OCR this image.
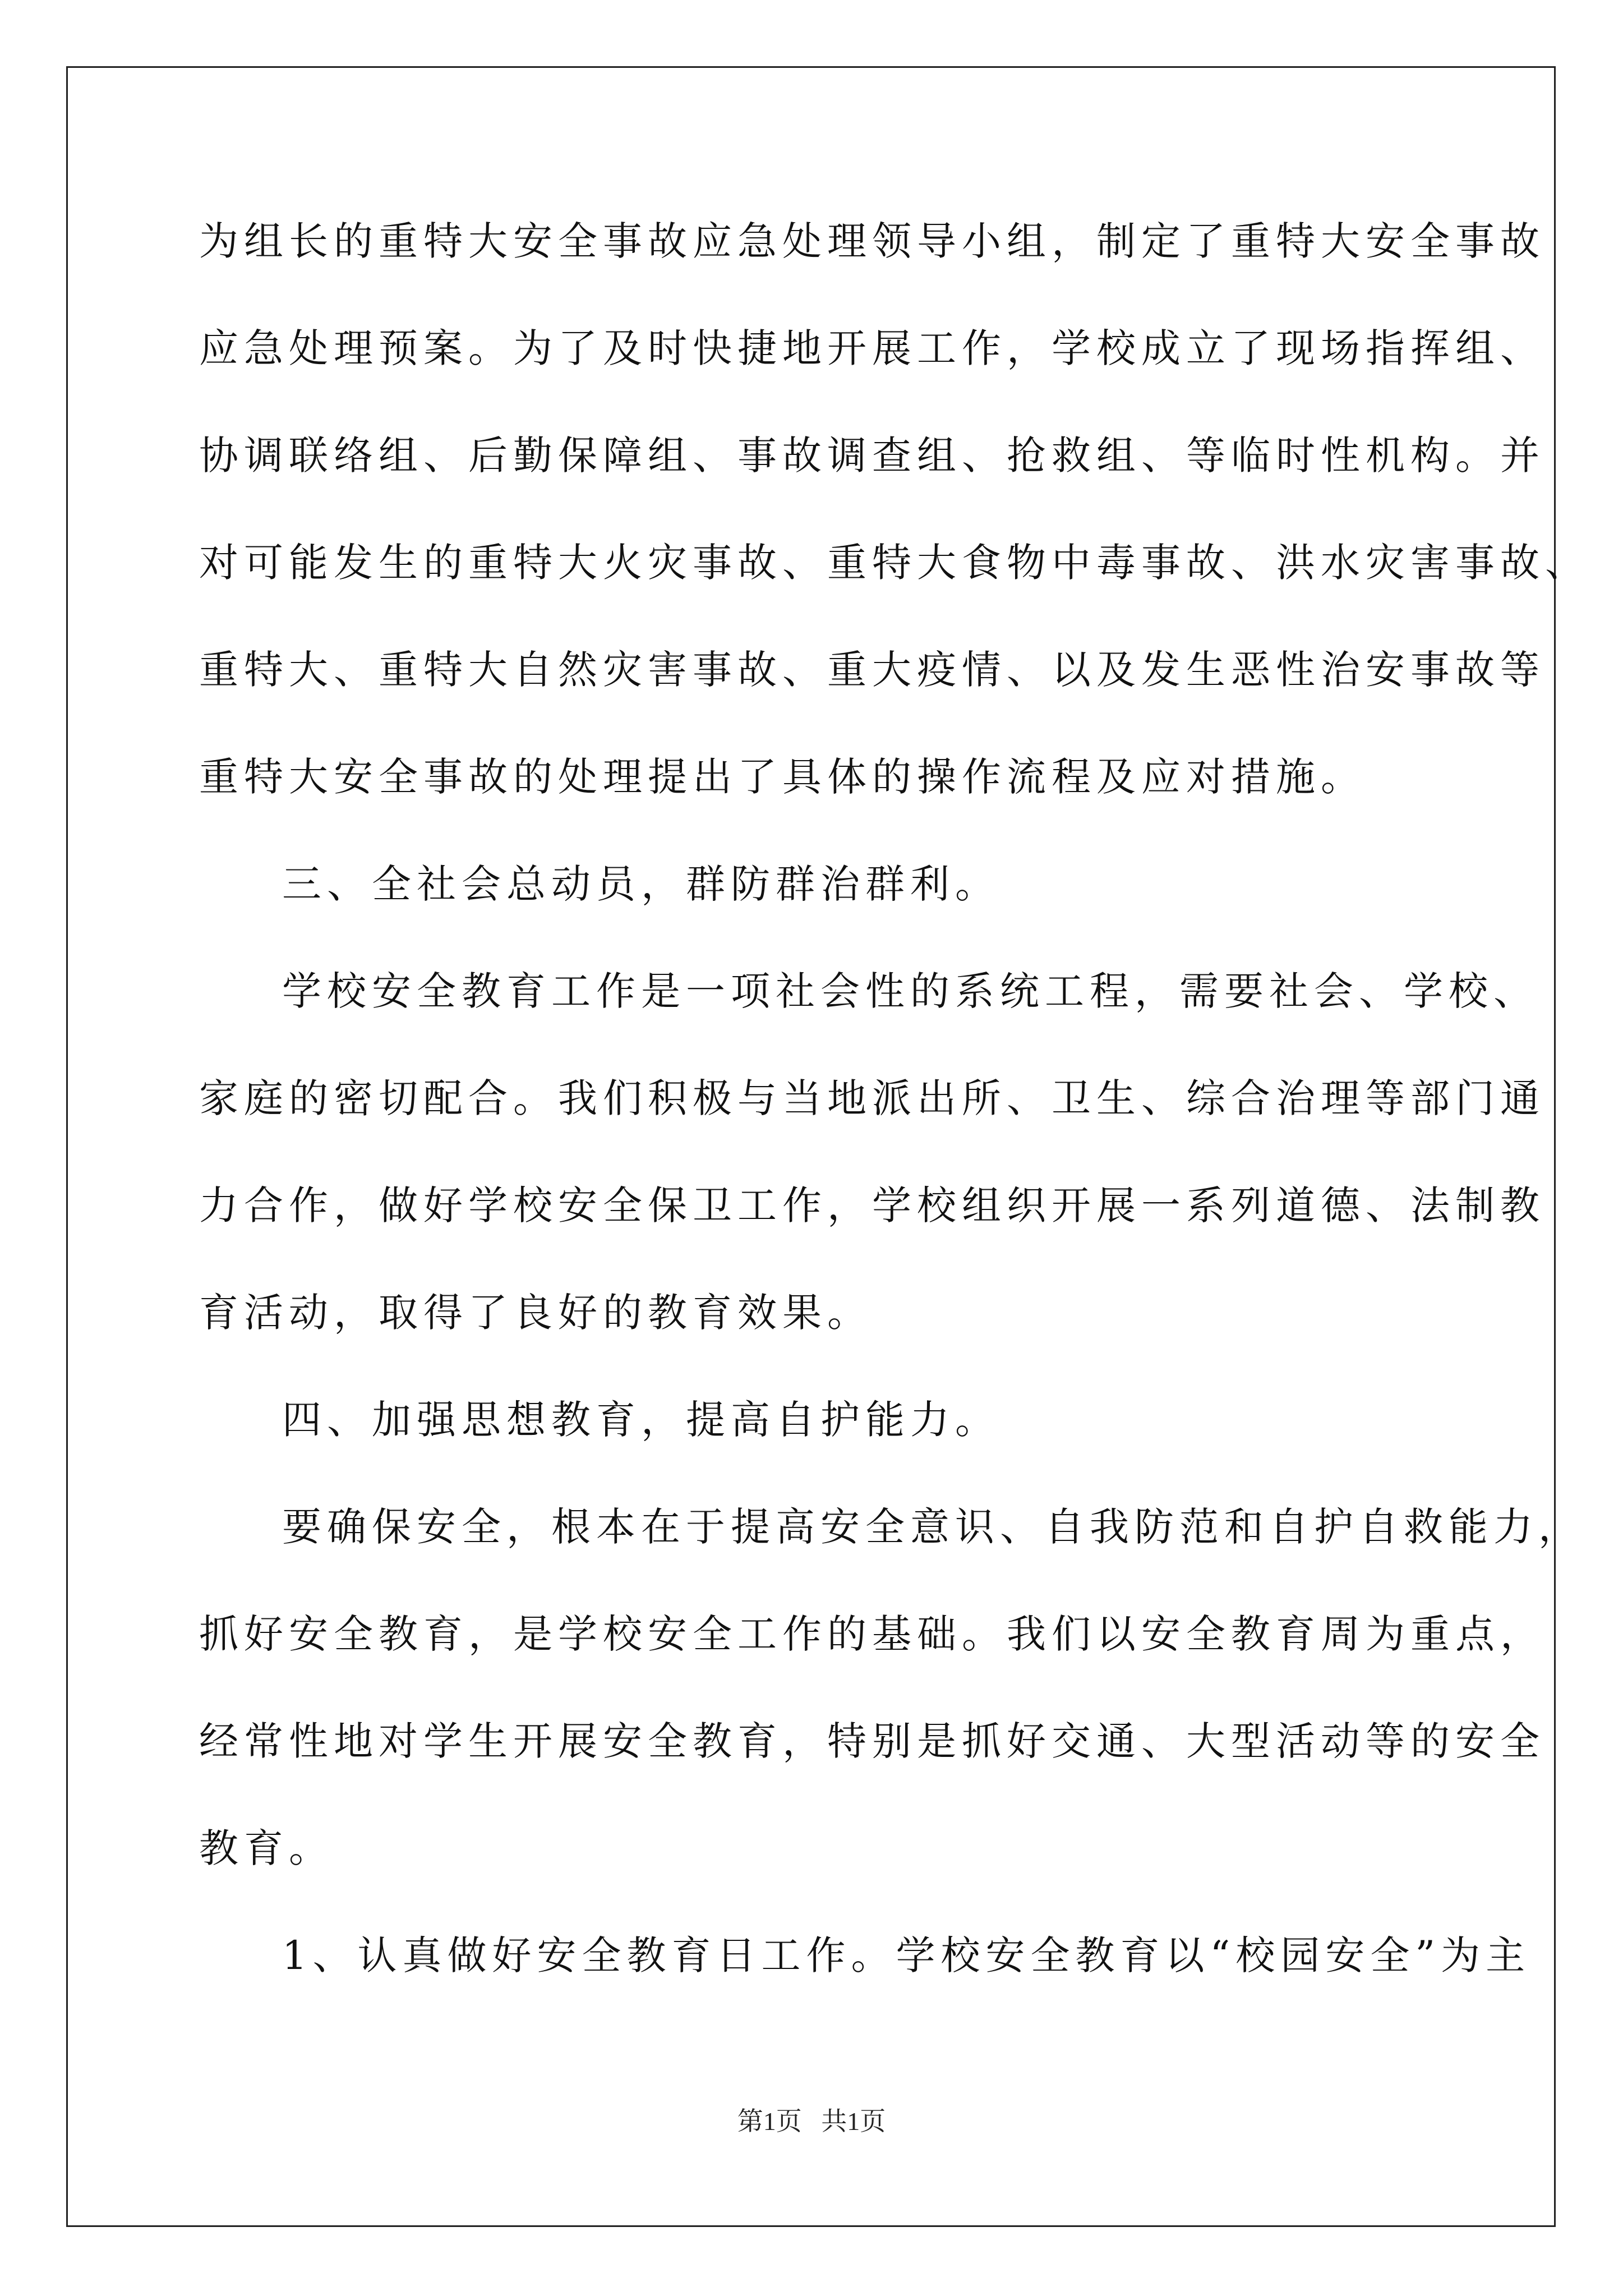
为组长的重特大安全事故应急处理领导小组，制定了重特大安全事故
应急处理预案。为了及时快捷地开展工作，学校成立了现场指挥组、
协调联络组、后勤保障组、事故调查组、抢救组、等临时性机构。并
对可能发生的重特大火灾事故、重特大食物中毒事故、洪水灾害事故、
重特大、重特大自然灾害事故、重大疫情、以及发生恶性治安事故等
重特大安全事故的处理提出了具体的操作流程及应对措施。
三、全社会总动员，群防群治群利。
学校安全教育工作是一项社会性的系统工程，需要社会、学校、
家庭的密切配合。我们积极与当地派出所、卫生、综合治理等部门通
力合作，做好学校安全保卫工作，学校组织开展一系列道德、法制教
育活动，取得了良好的教育效果。
四、加强思想教育，提高自护能力。
要确保安全，根本在于提高安全意识、自我防范和自护自救能力，
抓好安全教育，是学校安全工作的基础。我们以安全教育周为重点，
经常性地对学生开展安全教育，特别是抓好交通、大型活动等的安全
教育。
1、认真做好安全教育日工作。学校安全教育以“校园安全”为主
第1页   共1页
